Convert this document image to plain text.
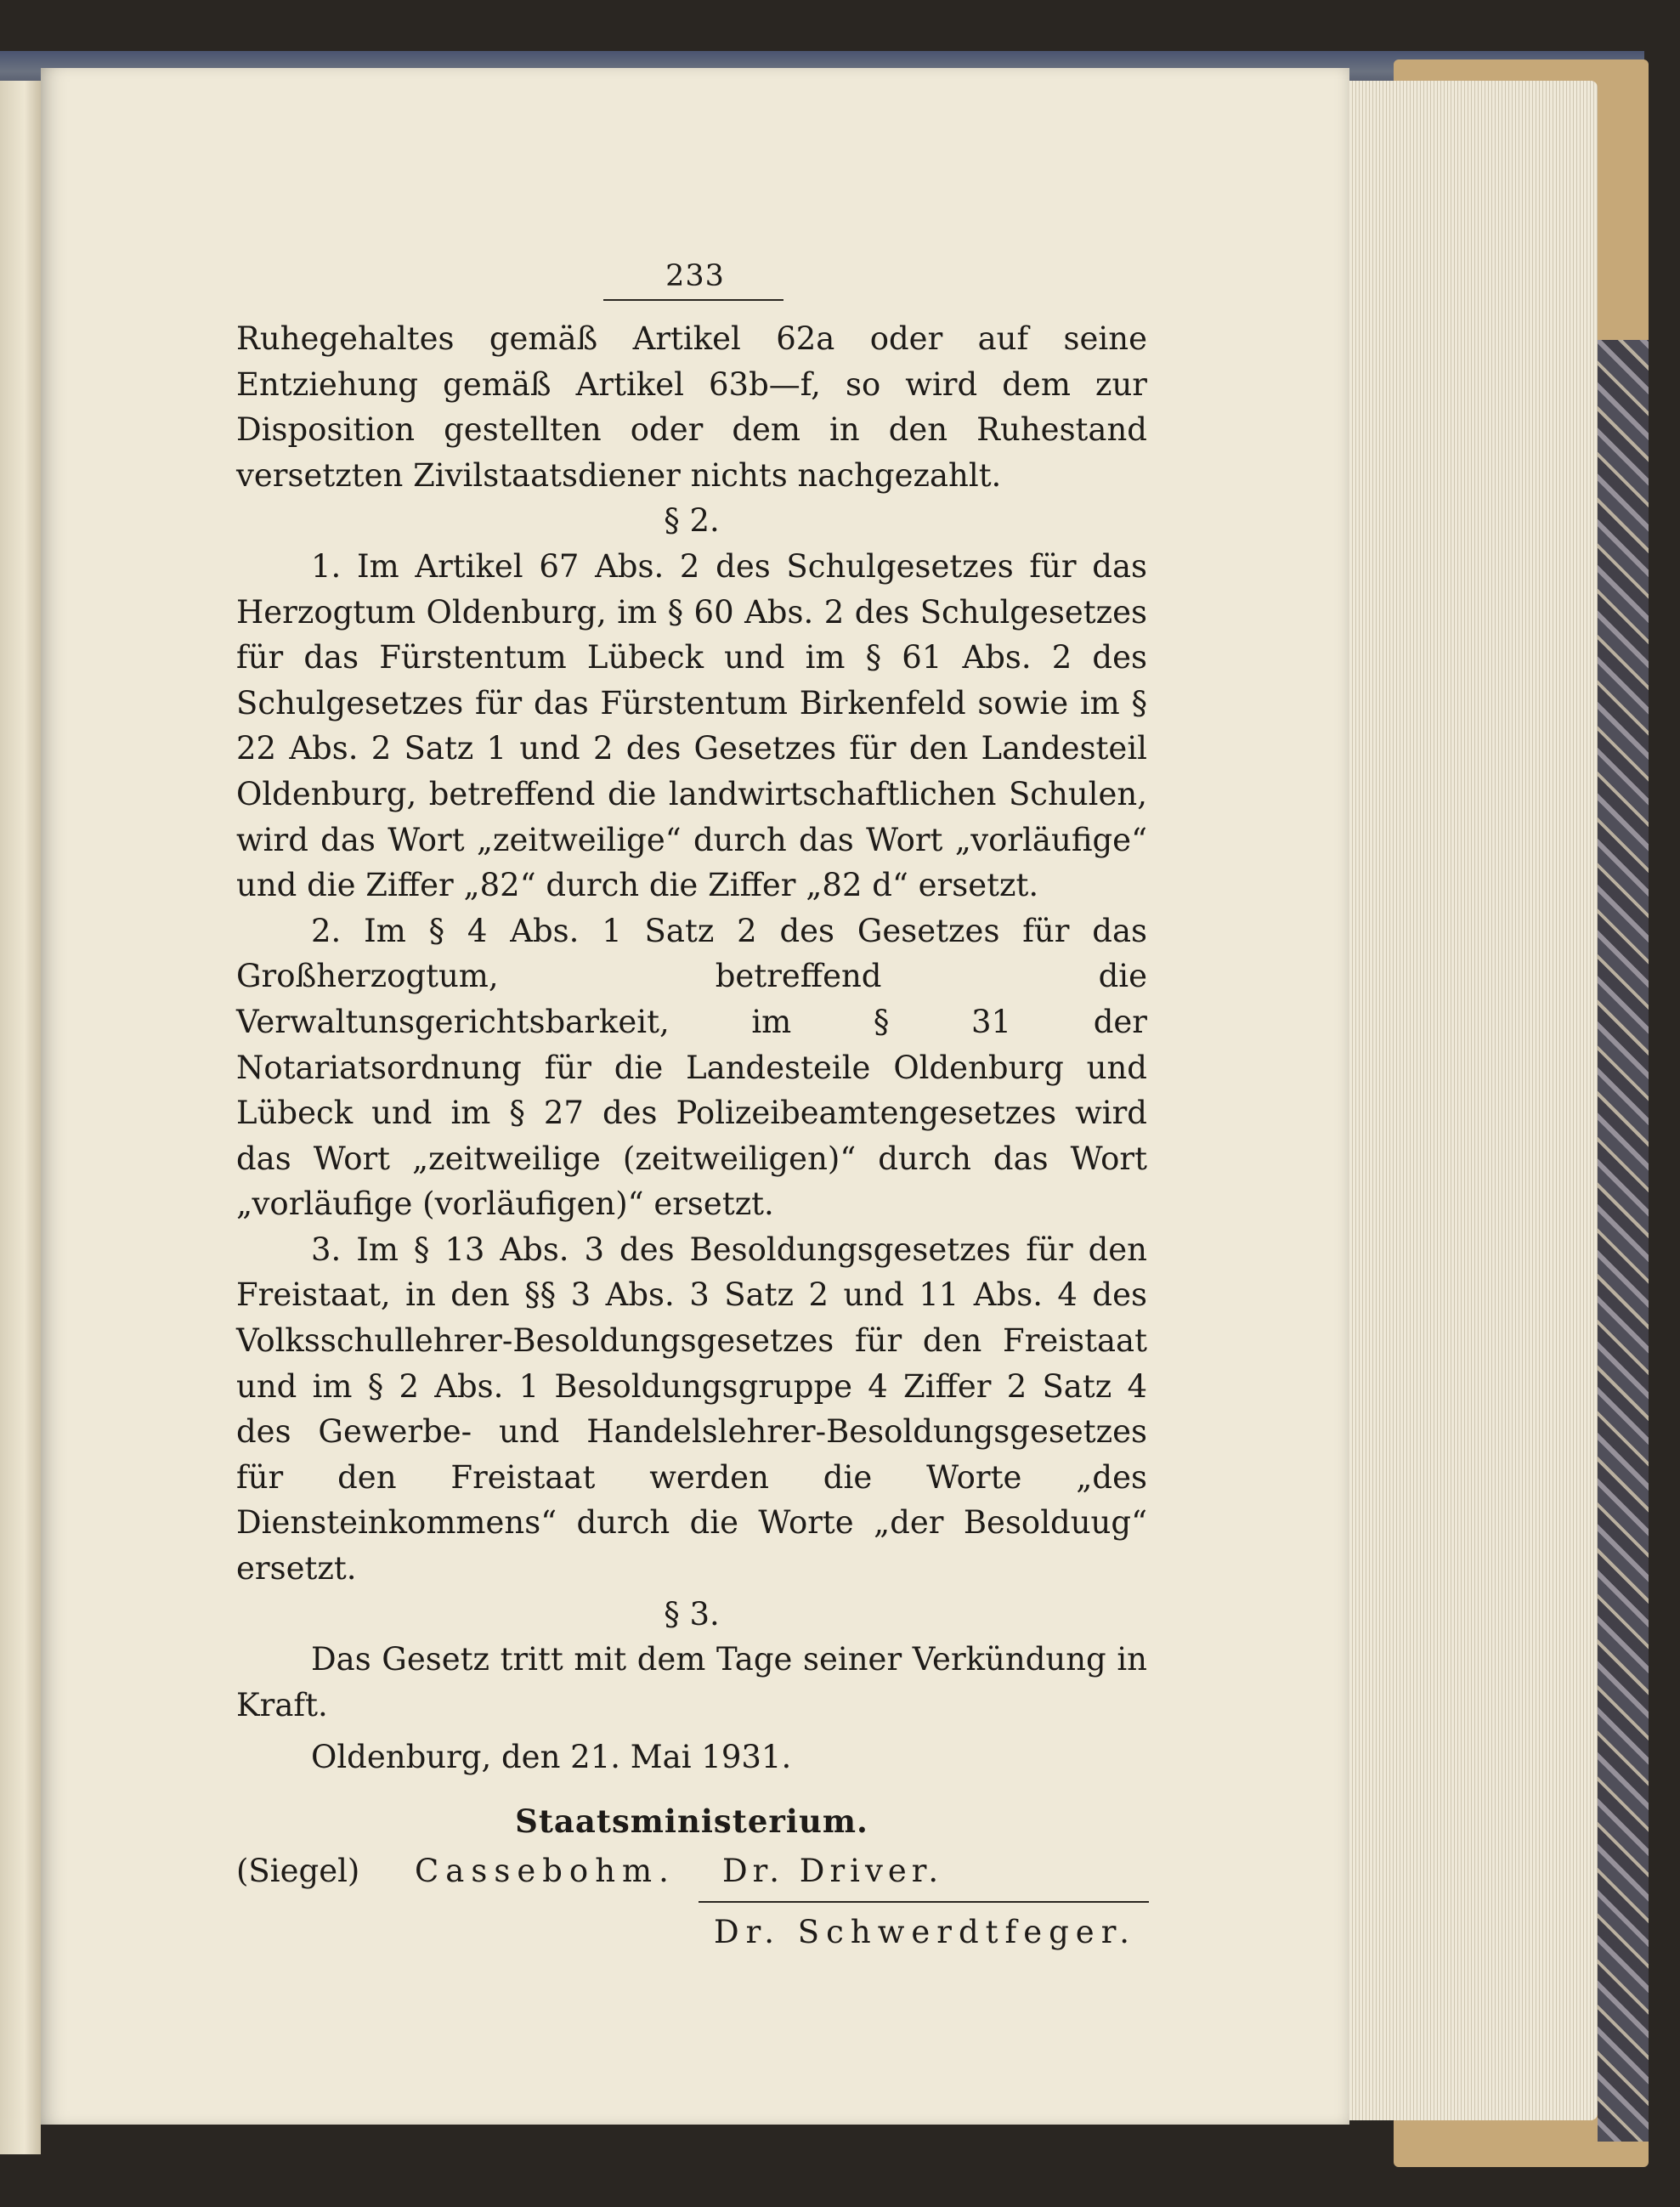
233

Ruhegehaltes gemäß Artikel 62a oder auf seine Entziehung gemäß Artikel 63b—f, so wird dem zur Disposition gestellten oder dem in den Ruhestand versetzten Zivilstaatsdiener nichts nachgezahlt.

§ 2.

1. Im Artikel 67 Abs. 2 des Schulgesetzes für das Herzogtum Oldenburg, im § 60 Abs. 2 des Schulgesetzes für das Fürstentum Lübeck und im § 61 Abs. 2 des Schulgesetzes für das Fürstentum Birkenfeld sowie im § 22 Abs. 2 Satz 1 und 2 des Gesetzes für den Landesteil Oldenburg, betreffend die landwirtschaftlichen Schulen, wird das Wort „zeitweilige“ durch das Wort „vorläufige“ und die Ziffer „82“ durch die Ziffer „82 d“ ersetzt.

2. Im § 4 Abs. 1 Satz 2 des Gesetzes für das Großherzogtum, betreffend die Verwaltunsgerichtsbarkeit, im § 31 der Notariatsordnung für die Landesteile Oldenburg und Lübeck und im § 27 des Polizeibeamtengesetzes wird das Wort „zeitweilige (zeitweiligen)“ durch das Wort „vorläufige (vorläufigen)“ ersetzt.

3. Im § 13 Abs. 3 des Besoldungsgesetzes für den Freistaat, in den §§ 3 Abs. 3 Satz 2 und 11 Abs. 4 des Volksschullehrer-Besoldungsgesetzes für den Freistaat und im § 2 Abs. 1 Besoldungsgruppe 4 Ziffer 2 Satz 4 des Gewerbe- und Handelslehrer-Besoldungsgesetzes für den Freistaat werden die Worte „des Diensteinkommens“ durch die Worte „der Besolduug“ ersetzt.

§ 3.

Das Gesetz tritt mit dem Tage seiner Verkündung in Kraft.

Oldenburg, den 21. Mai 1931.

Staatsministerium.

(Siegel) Cassebohm. Dr. Driver.
Dr. Schwerdtfeger.
